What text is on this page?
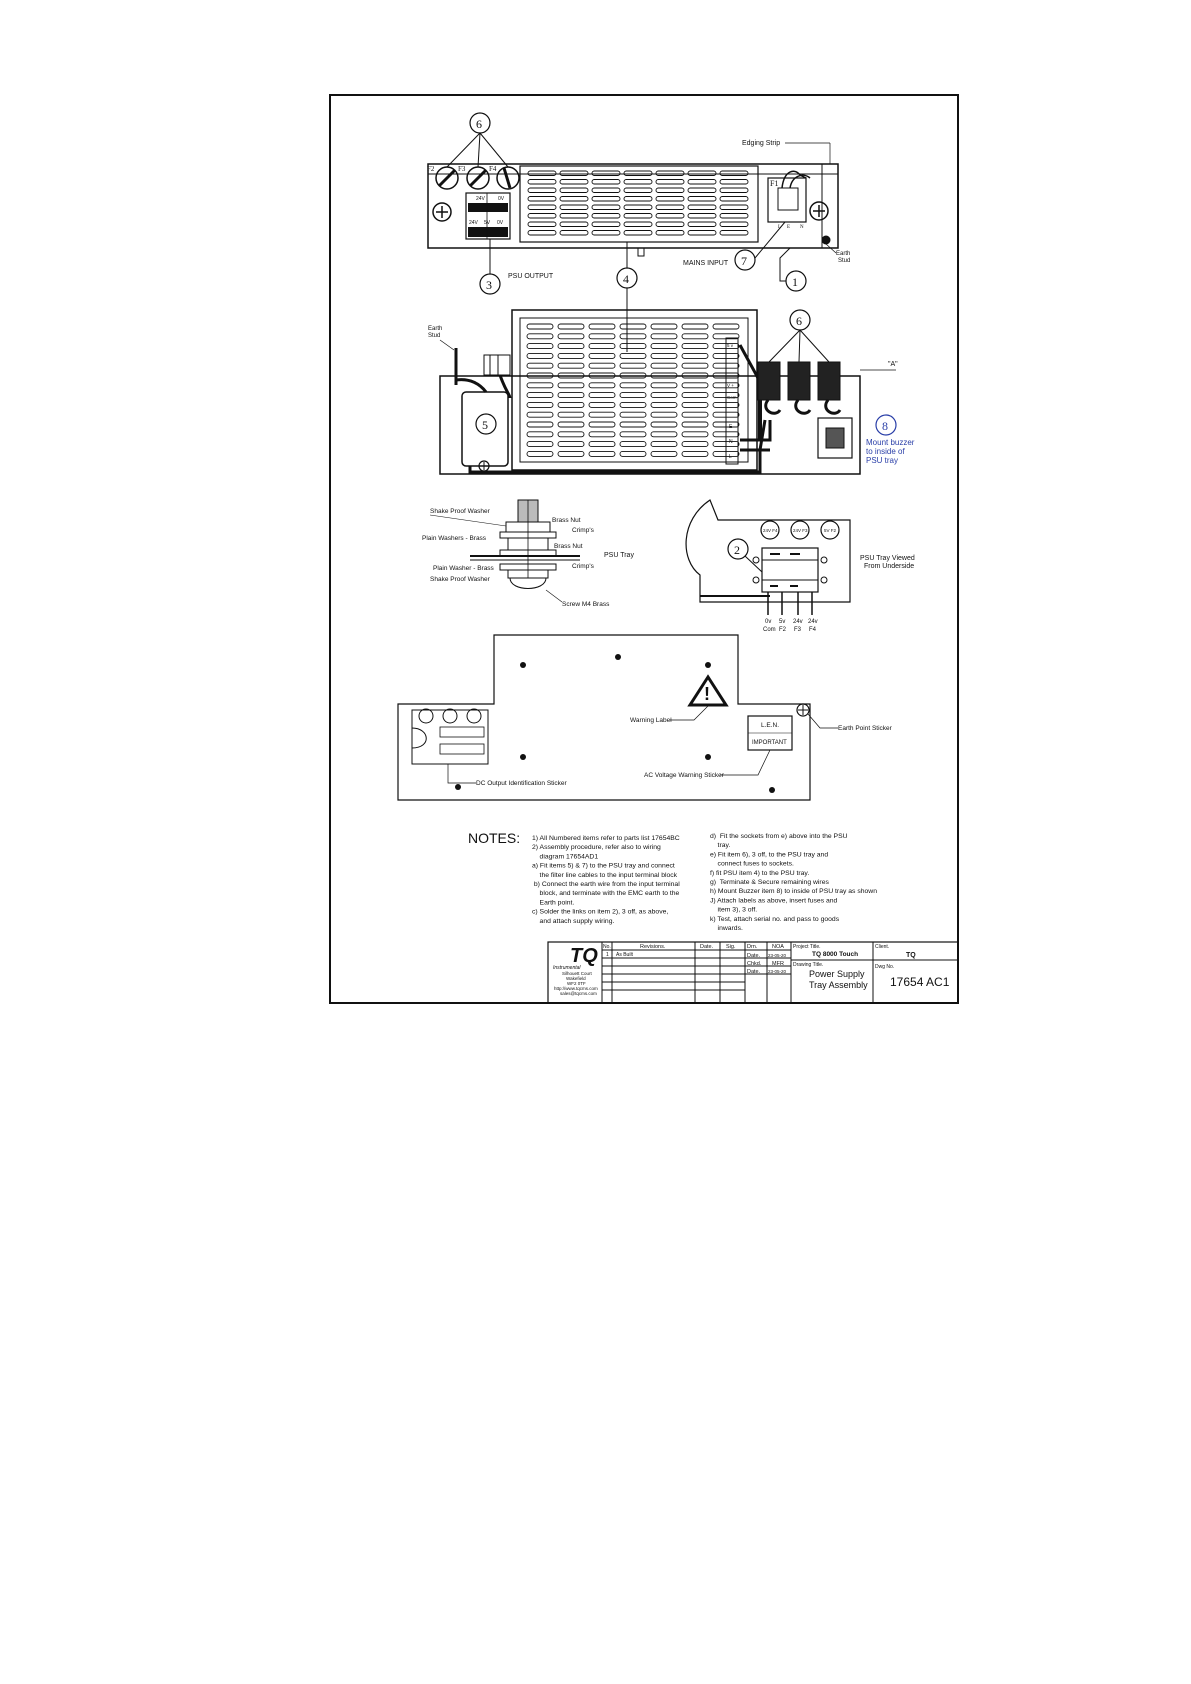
F2	F3	F4
24V	0V
24V 5V 0V
F1
L E N
Edging Strip
MAINS INPUT
Earth
Stud
PSU OUTPUT
6
3	4
7
1
5
5 v
V +
Com
E
N
L
Earth
Stud
"A"
6
8
Mount buzzer
to inside of
PSU tray
Shake Proof Washer
Brass Nut
Crimp's
Plain Washers - Brass
Brass Nut
PSU Tray
Plain Washer - Brass	Crimp's
Shake Proof Washer
Screw M4 Brass
24V F4	24V F3	5V F2
2
PSU Tray Viewed
From Underside
0v
Com
5v
F2
24v
F3
24v
F4
!
Warning Label
L.E.N.
IMPORTANT
Earth Point Sticker
AC Voltage Warning Sticker
DC Output Identification Sticker
NOTES: 1) All Numbered items refer to parts list 17654BC
2) Assembly procedure, refer also to wiring
diagram 17654AD1
a) Fit items 5) & 7) to the PSU tray and connect
the filter line cables to the input terminal block
b) Connect the earth wire from the input terminal
block, and terminate with the EMC earth to the
Earth point.
c) Solder the links on item 2), 3 off, as above,
and attach supply wiring.
d)  Fit the sockets from e) above into the PSU
tray.
e) Fit item 6), 3 off, to the PSU tray and
connect fuses to sockets.
f) fit PSU item 4) to the PSU tray.
g)  Terminate & Secure remaining wires
h) Mount Buzzer item 8) to inside of PSU tray as shown
J) Attach labels as above, insert fuses and
item 3), 3 off.
k) Test, attach serial no. and pass to goods
inwards.
TQ
Instrumental
Silhouett Court
Wakefield
WF2 0TF
http://www.tqcms.com
sales@tqcms.com
No.	Revisions.	Date. Sig.
1 As Built
Drn.	NOA
Date. 23-05-20
Chkd. MFR
Date. 23-05-20
Project Title.
TQ 8000 Touch
Client.
TQ
Drawing Title.
Power Supply
Tray Assembly
Dwg No.
17654 AC1
